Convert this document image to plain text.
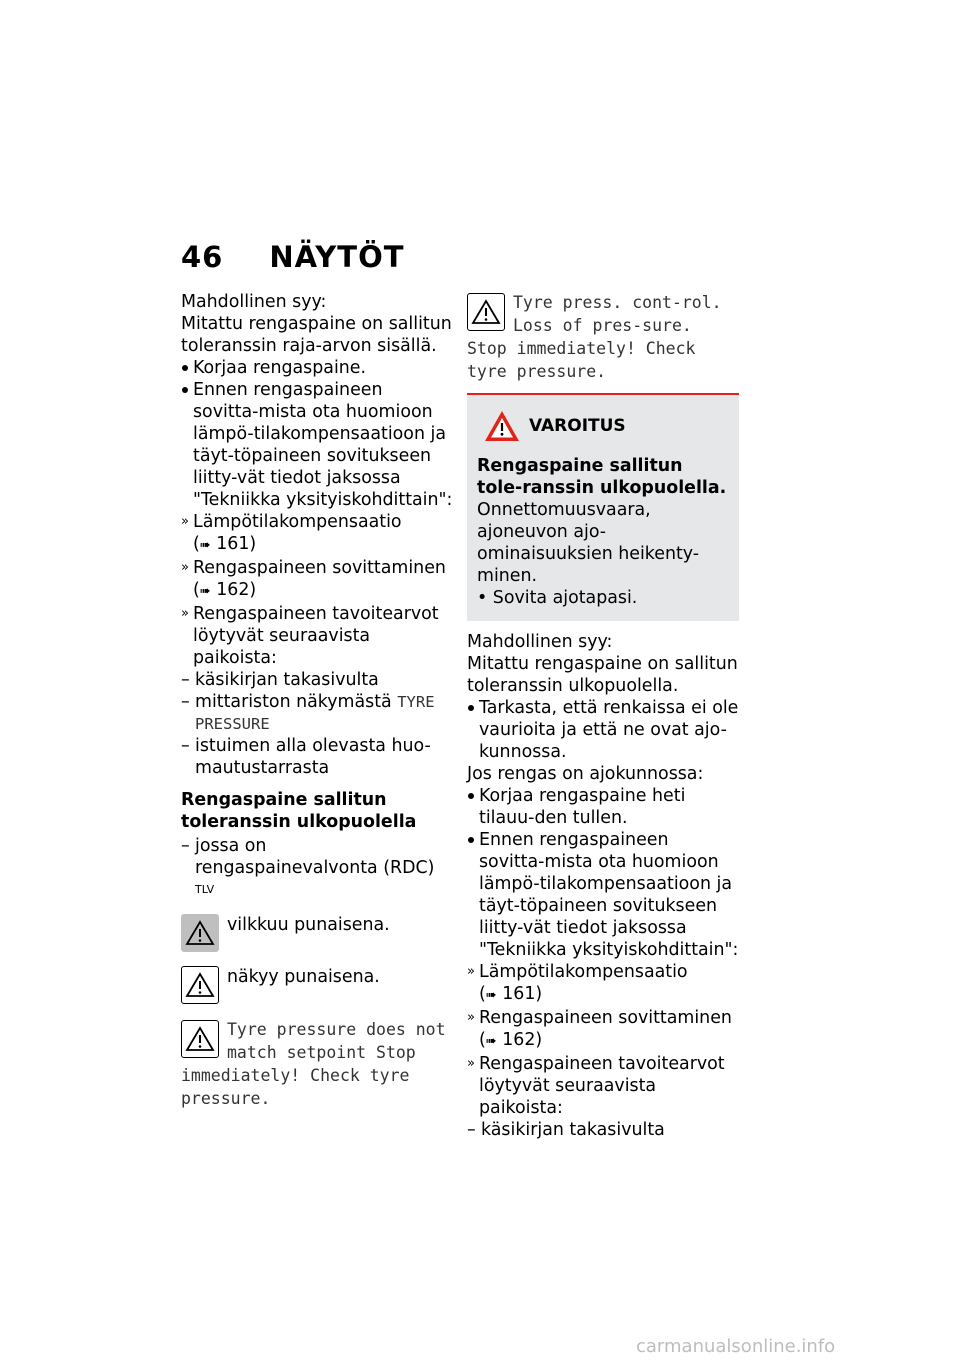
46 NÄYTÖT

Mahdollinen syy:

Mitattu rengaspaine on sallitun toleranssin raja-arvon sisällä.

Korjaa rengaspaine.

Ennen rengaspaineen sovitta-mista ota huomioon lämpö-tilakompensaatioon ja täyt-töpaineen sovitukseen liitty-vät tiedot jaksossa "Tekniikka yksityiskohdittain":

» Lämpötilakompensaatio
(➠ 161)

» Rengaspaineen sovittaminen
(➠ 162)

» Rengaspaineen tavoitearvot löytyvät seuraavista paikoista:

– käsikirjan takasivulta

– mittariston näkymästä TYRE PRESSURE

– istuimen alla olevasta huo-mautustarrasta

Rengaspaine sallitun toleranssin ulkopuolella

– jossa on rengaspainevalvonta (RDC) $^{TLV}$

vilkkuu punaisena.
näkyy punaisena.
Tyre pressure does not match setpoint Stop immediately! Check tyre pressure.
Tyre press. cont-rol. Loss of pres-sure. Stop immediately! Check tyre pressure.
VAROITUS

Rengaspaine sallitun tole-ranssin ulkopuolella.

Onnettomuusvaara, ajoneuvon ajo-ominaisuuksien heikenty-minen.

• Sovita ajotapasi.

Mahdollinen syy:

Mitattu rengaspaine on sallitun toleranssin ulkopuolella.

Tarkasta, että renkaissa ei ole vaurioita ja että ne ovat ajo-kunnossa.

Jos rengas on ajokunnossa:

Korjaa rengaspaine heti tilauu-den tullen.

Ennen rengaspaineen sovitta-mista ota huomioon lämpö-tilakompensaatioon ja täyt-töpaineen sovitukseen liitty-vät tiedot jaksossa "Tekniikka yksityiskohdittain":

» Lämpötilakompensaatio
(➠ 161)

» Rengaspaineen sovittaminen
(➠ 162)

» Rengaspaineen tavoitearvot löytyvät seuraavista paikoista:

– käsikirjan takasivulta

carmanualsonline.info
